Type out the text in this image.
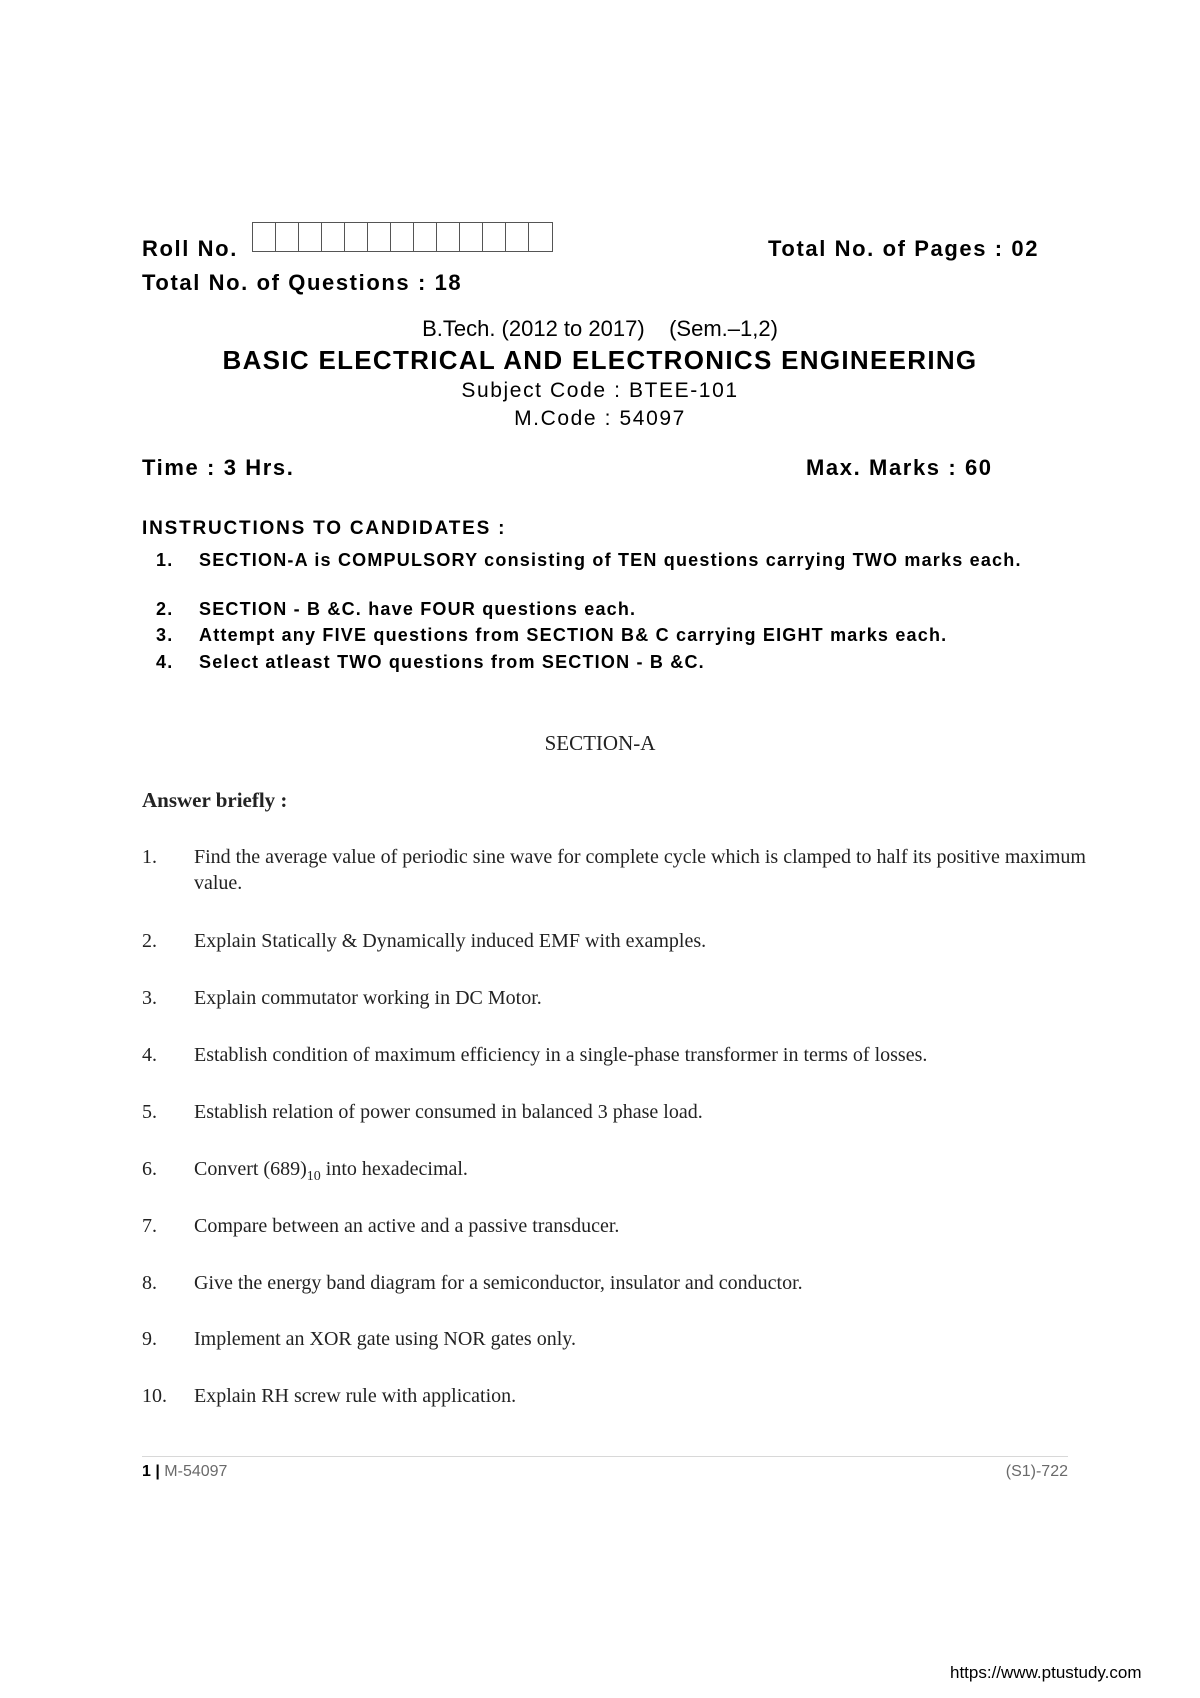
Roll No.	Total No. of Pages : 02
Total No. of Questions : 18
B.Tech. (2012 to 2017)    (Sem.–1,2)
BASIC ELECTRICAL AND ELECTRONICS ENGINEERING
Subject Code : BTEE-101
M.Code : 54097
Time : 3 Hrs.	Max. Marks : 60
INSTRUCTIONS TO CANDIDATES :
1.	SECTION-A is COMPULSORY consisting of TEN questions carrying TWO marks each.
2.	SECTION - B &C. have FOUR questions each.
3.	Attempt any FIVE questions from SECTION B& C carrying EIGHT marks each.
4.	Select atleast TWO questions from SECTION - B &C.
SECTION-A
Answer briefly :
1.	Find the average value of periodic sine wave for complete cycle which is clamped to half its positive maximum value.
2.	Explain Statically & Dynamically induced EMF with examples.
3.	Explain commutator working in DC Motor.
4.	Establish condition of maximum efficiency in a single-phase transformer in terms of losses.
5.	Establish relation of power consumed in balanced 3 phase load.
6.	Convert $(689)_{10}$ into hexadecimal.
7.	Compare between an active and a passive transducer.
8.	Give the energy band diagram for a semiconductor, insulator and conductor.
9.	Implement an XOR gate using NOR gates only.
10.	Explain RH screw rule with application.
1 | M-54097	(S1)-722
https://www.ptustudy.com
